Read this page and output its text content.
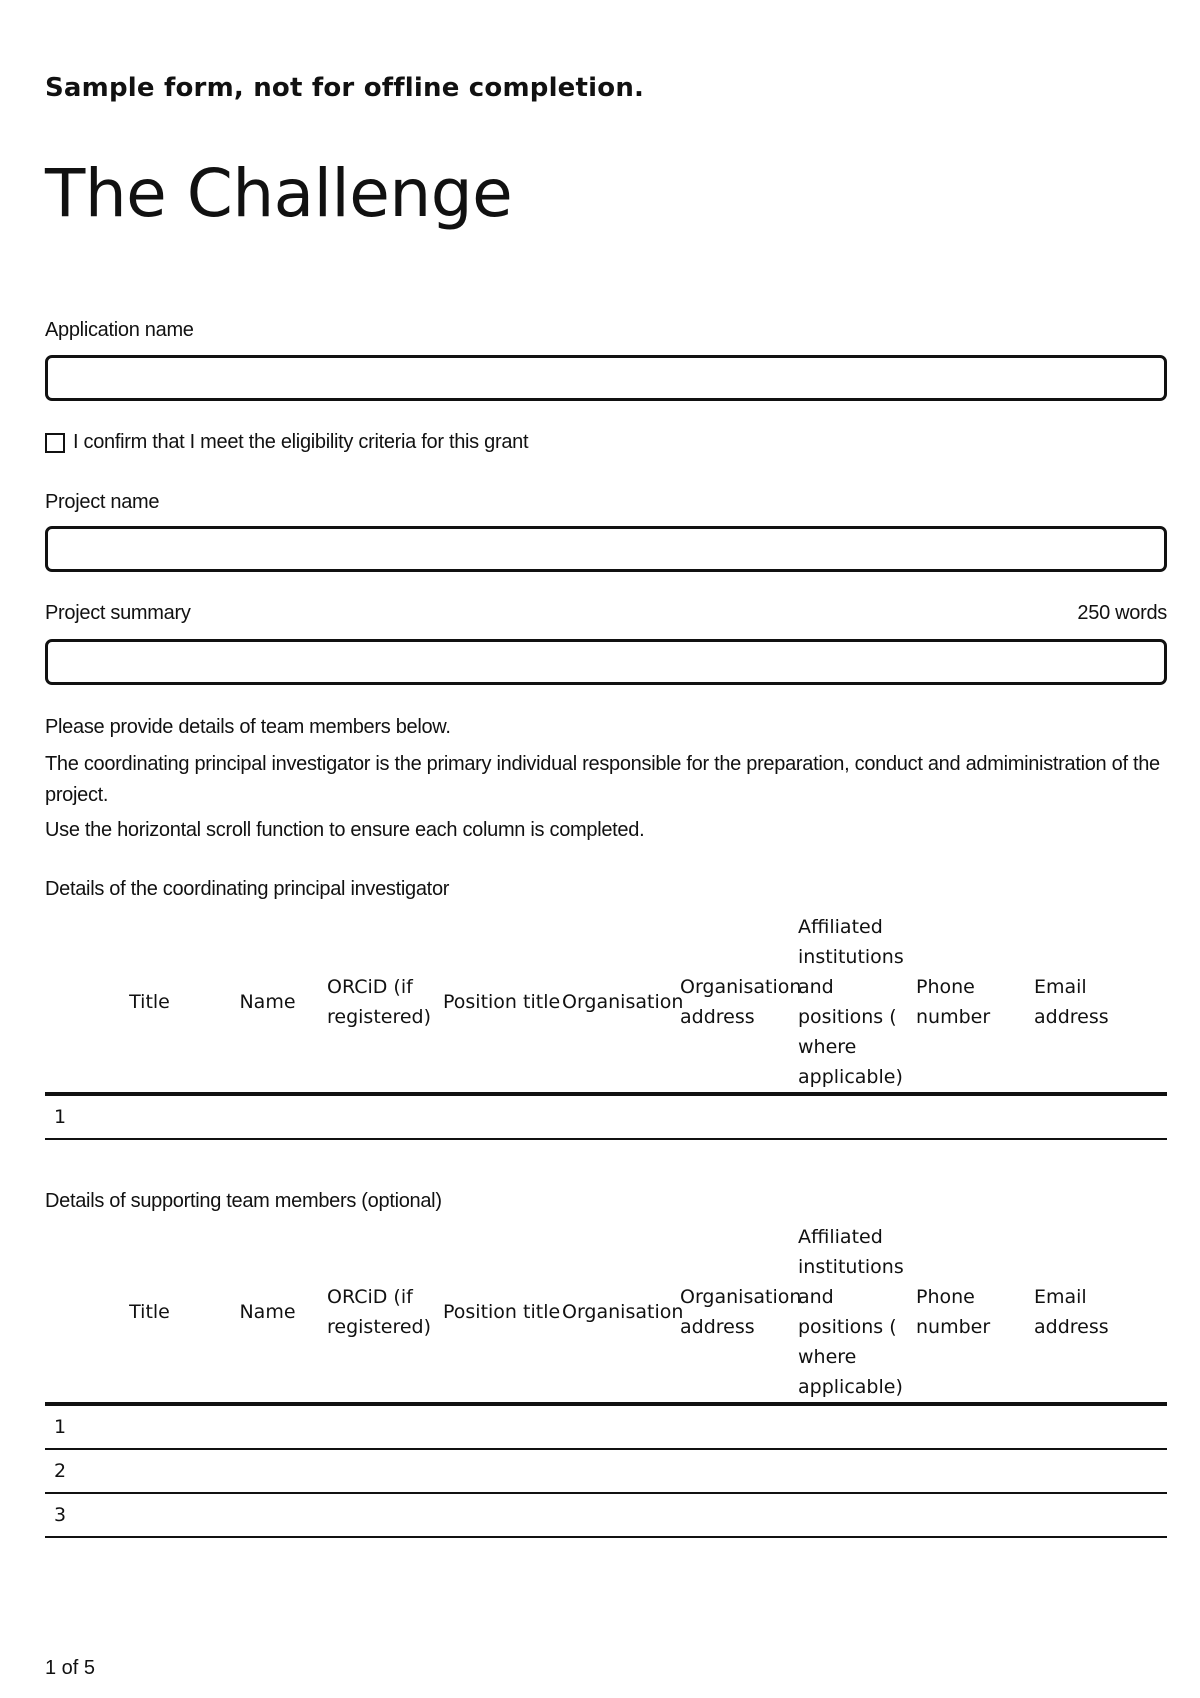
Sample form, not for offline completion.
The Challenge
Application name
I confirm that I meet the eligibility criteria for this grant
Project name
Project summary	250 words

Please provide details of team members below.

The coordinating principal investigator is the primary individual responsible for the preparation, conduct and admiministration of the project.

Use the horizontal scroll function to ensure each column is completed.

Details of the coordinating principal investigator
	Title	Name	ORCiD (if registered)	Position title	Organisation	Organisation address	Affiliated institutions and positions ( where applicable)	Phone number	Email address
1									
Details of supporting team members (optional)
	Title	Name	ORCiD (if registered)	Position title	Organisation	Organisation address	Affiliated institutions and positions ( where applicable)	Phone number	Email address
1									
2									
3									
1 of 5
